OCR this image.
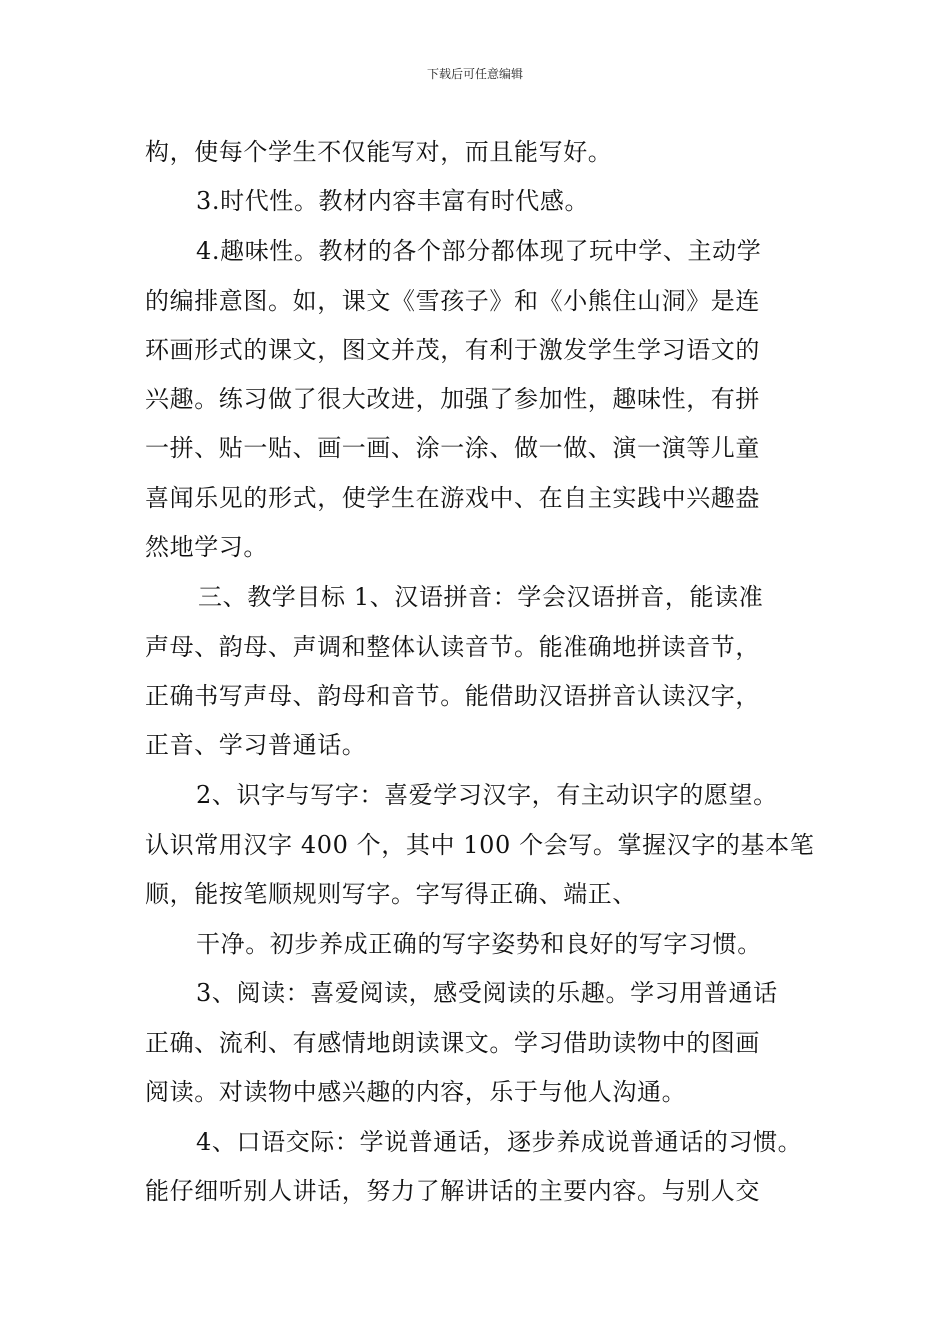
下载后可任意编辑
构，使每个学生不仅能写对，而且能写好。
3.时代性。教材内容丰富有时代感。
4.趣味性。教材的各个部分都体现了玩中学、主动学
的编排意图。如，课文《雪孩子》和《小熊住山洞》是连
环画形式的课文，图文并茂，有利于激发学生学习语文的
兴趣。练习做了很大改进，加强了参加性，趣味性，有拼
一拼、贴一贴、画一画、涂一涂、做一做、演一演等儿童
喜闻乐见的形式，使学生在游戏中、在自主实践中兴趣盎
然地学习。
三、教学目标 1、汉语拼音：学会汉语拼音，能读准
声母、韵母、声调和整体认读音节。能准确地拼读音节，
正确书写声母、韵母和音节。能借助汉语拼音认读汉字，
正音、学习普通话。
2、识字与写字：喜爱学习汉字，有主动识字的愿望。
认识常用汉字 400 个，其中 100 个会写。掌握汉字的基本笔
顺，能按笔顺规则写字。字写得正确、端正、
干净。初步养成正确的写字姿势和良好的写字习惯。
3、阅读：喜爱阅读，感受阅读的乐趣。学习用普通话
正确、流利、有感情地朗读课文。学习借助读物中的图画
阅读。对读物中感兴趣的内容，乐于与他人沟通。
4、口语交际：学说普通话，逐步养成说普通话的习惯。
能仔细听别人讲话，努力了解讲话的主要内容。与别人交
